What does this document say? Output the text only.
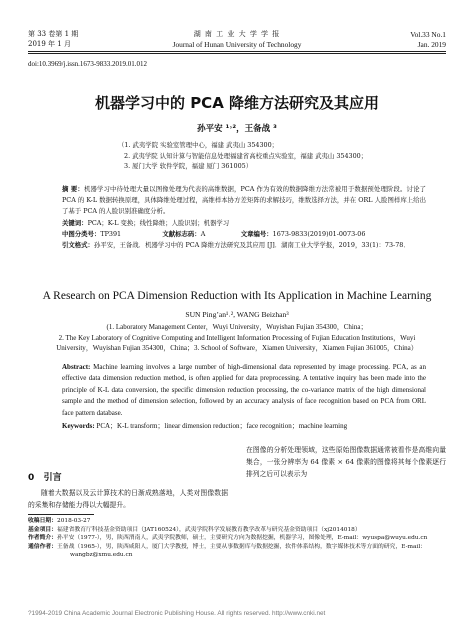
第 33 卷第 1 期
2019 年 1 月
湖 南 工 业 大 学 学 报
Journal of Hunan University of Technology
Vol.33 No.1
Jan. 2019
doi:10.3969/j.issn.1673-9833.2019.01.012
机器学习中的 PCA 降维方法研究及其应用
孙平安 ¹˒²，王备战 ³
（1. 武夷学院 实验室管理中心，福建 武夷山 354300；
2. 武夷学院 认知计算与智能信息处理福建省高校重点实验室，福建 武夷山 354300；
3. 厦门大学 软件学院，福建 厦门 361005）
摘 要：机器学习中待处理大量以图像处理为代表的高维数据，PCA 作为有效的数据降维方法常被用于数据预处理阶段。讨论了 PCA 的 K-L 数据转换原理，具体降维处理过程，高维样本协方差矩阵的求解技巧，维数选择方法，并在 ORL 人脸图样库上给出了基于 PCA 的人脸识别准确度分析。
关键词：PCA；K-L 变换；线性降维；人脸识别；机器学习
中图分类号：TP391	文献标志码：A	文章编号：1673-9833(2019)01-0073-06
引文格式：孙平安，王备战．机器学习中的 PCA 降维方法研究及其应用 [J]．湖南工业大学学报，2019，33(1)：73-78．
A Research on PCA Dimension Reduction with Its Application in Machine Learning
SUN Ping’an¹˒², WANG Beizhan³
(1. Laboratory Management Center，Wuyi University，Wuyishan Fujian 354300，China；
2. The Key Laboratory of Cognitive Computing and Intelligent Information Processing of Fujian Education Institutions，Wuyi
University，Wuyishan Fujian 354300，China；3. School of Software，Xiamen University，Xiamen Fujian 361005，China）
Abstract: Machine learning involves a large number of high-dimensional data represented by image processing. PCA, as an effective data dimension reduction method, is often applied for data preprocessing. A tentative inquiry has been made into the principle of K-L data conversion, the specific dimension reduction processing, the co-variance matrix of the high dimensional sample and the method of dimension selection, followed by an accuracy analysis of face recognition based on PCA from ORL face pattern database.
Keywords: PCA；K-L transform；linear dimension reduction；face recognition；machine learning
0 引言
随着大数据以及云计算技术的日渐成熟落地，人类对图像数据的采集和存储能力得以大幅提升。
在图像的分析处理领域，这些原始图像数据通常被看作是高维向量集合，一张分辨率为 64 像素 × 64 像素的图像将其每个像素逐行排列之后可以表示为
收稿日期：2018-03-27
基金项目：福建省教育厅科技基金资助项目（JAT160524），武夷学院科学发展教育教学改革与研究基金资助项目（xj2014018）
作者简介：孙平安（1977-），男，陕西渭南人，武夷学院教师，硕士，主要研究方向为数据挖掘，机器学习，图像处理，E-mail：wyuspa@wuyu.edu.cn
通信作者：王备战（1965-），男，陕西咸阳人，厦门大学教授，博士，主要从事数据库与数据挖掘，软件体系结构，数字媒体技术等方面的研究，E-mail：wangbz@xmu.edu.cn
?1994-2019 China Academic Journal Electronic Publishing House. All rights reserved. http://www.cnki.net
